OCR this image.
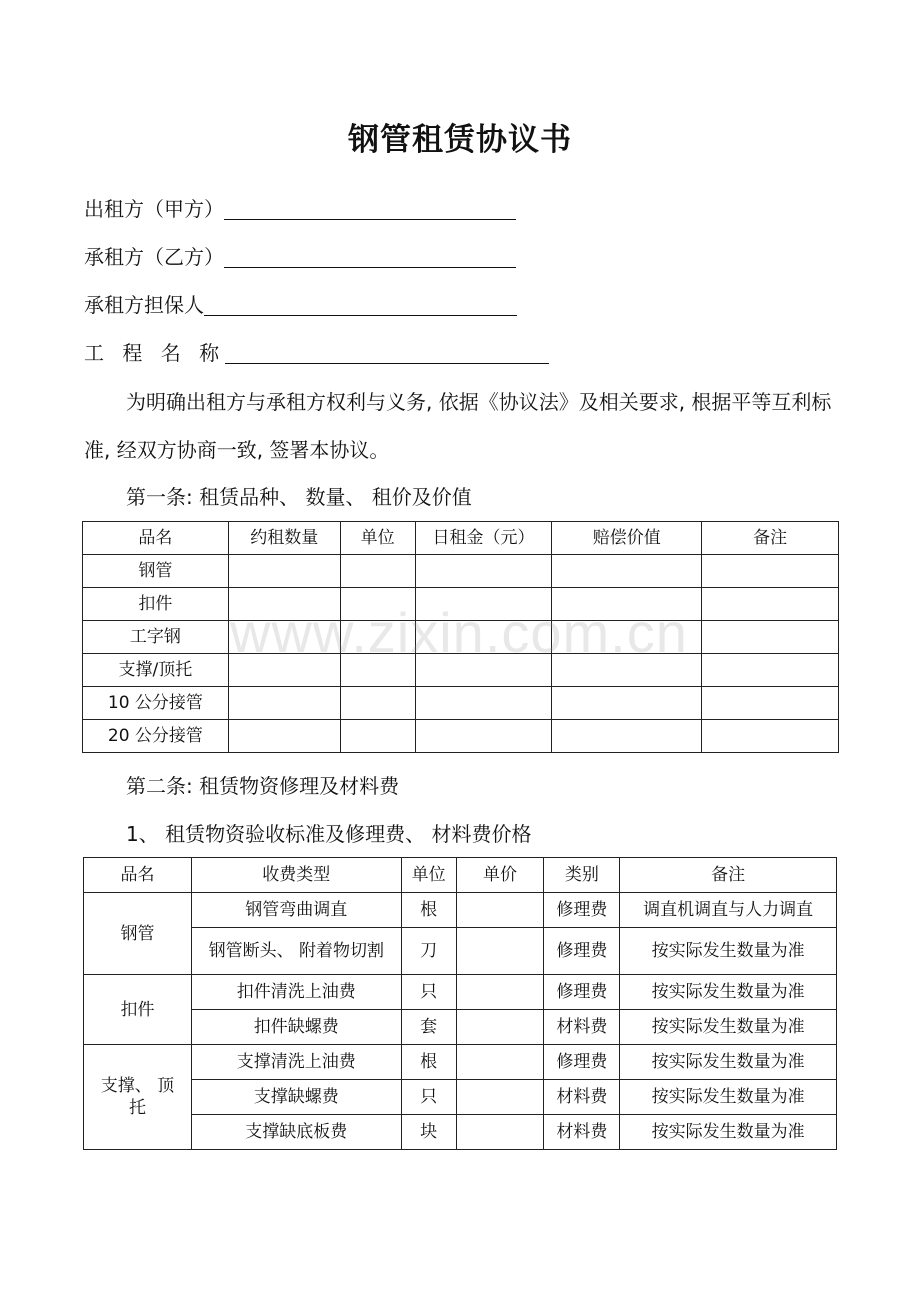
钢管租赁协议书
出租方（甲方）
承租方（乙方）
承租方担保人
工 程 名 称
为明确出租方与承租方权利与义务, 依据《协议法》及相关要求, 根据平等互利标准, 经双方协商一致, 签署本协议。
第一条: 租赁品种、 数量、 租价及价值
品名	约租数量	单位	日租金（元）	赔偿价值	备注
钢管					
扣件					
工字钢					
支撑/顶托					
10 公分接管					
20 公分接管					
www.zixin.com.cn
第二条: 租赁物资修理及材料费
1、 租赁物资验收标准及修理费、 材料费价格
品名	收费类型	单位	单价	类别	备注
钢管	钢管弯曲调直	根		修理费	调直机调直与人力调直
	钢管断头、 附着物切割	刀		修理费	按实际发生数量为准
扣件	扣件清洗上油费	只		修理费	按实际发生数量为准
	扣件缺螺费	套		材料费	按实际发生数量为准
支撑、 顶托	支撑清洗上油费	根		修理费	按实际发生数量为准
	支撑缺螺费	只		材料费	按实际发生数量为准
	支撑缺底板费	块		材料费	按实际发生数量为准
